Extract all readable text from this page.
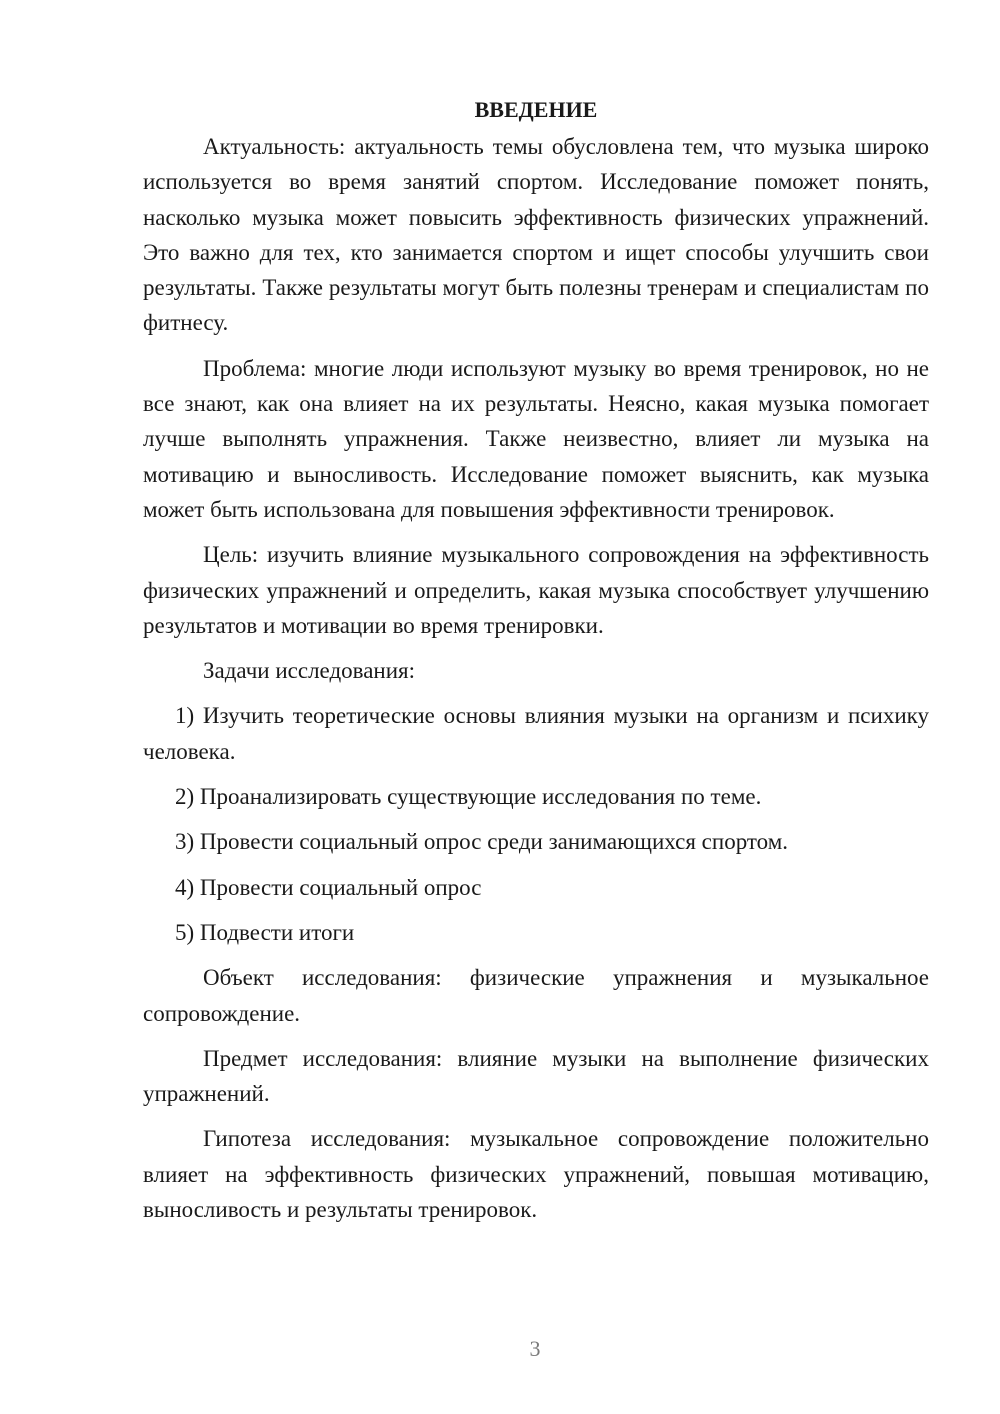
ВВЕДЕНИЕ

Актуальность: актуальность темы обусловлена тем, что музыка широко используется во время занятий спортом. Исследование поможет понять, насколько музыка может повысить эффективность физических упражнений. Это важно для тех, кто занимается спортом и ищет способы улучшить свои результаты. Также результаты могут быть полезны тренерам и специалистам по фитнесу.

Проблема: многие люди используют музыку во время тренировок, но не все знают, как она влияет на их результаты. Неясно, какая музыка помогает лучше выполнять упражнения. Также неизвестно, влияет ли музыка на мотивацию и выносливость. Исследование поможет выяснить, как музыка может быть использована для повышения эффективности тренировок.

Цель: изучить влияние музыкального сопровождения на эффективность физических упражнений и определить, какая музыка способствует улучшению результатов и мотивации во время тренировки.

Задачи исследования:

1) Изучить теоретические основы влияния музыки на организм и психику человека.

2) Проанализировать существующие исследования по теме.

3) Провести социальный опрос среди занимающихся спортом.

4) Провести социальный опрос

5) Подвести итоги

Объект исследования: физические упражнения и музыкальное сопровождение.

Предмет исследования: влияние музыки на выполнение физических упражнений.

Гипотеза исследования: музыкальное сопровождение положительно влияет на эффективность физических упражнений, повышая мотивацию, выносливость и результаты тренировок.

3
